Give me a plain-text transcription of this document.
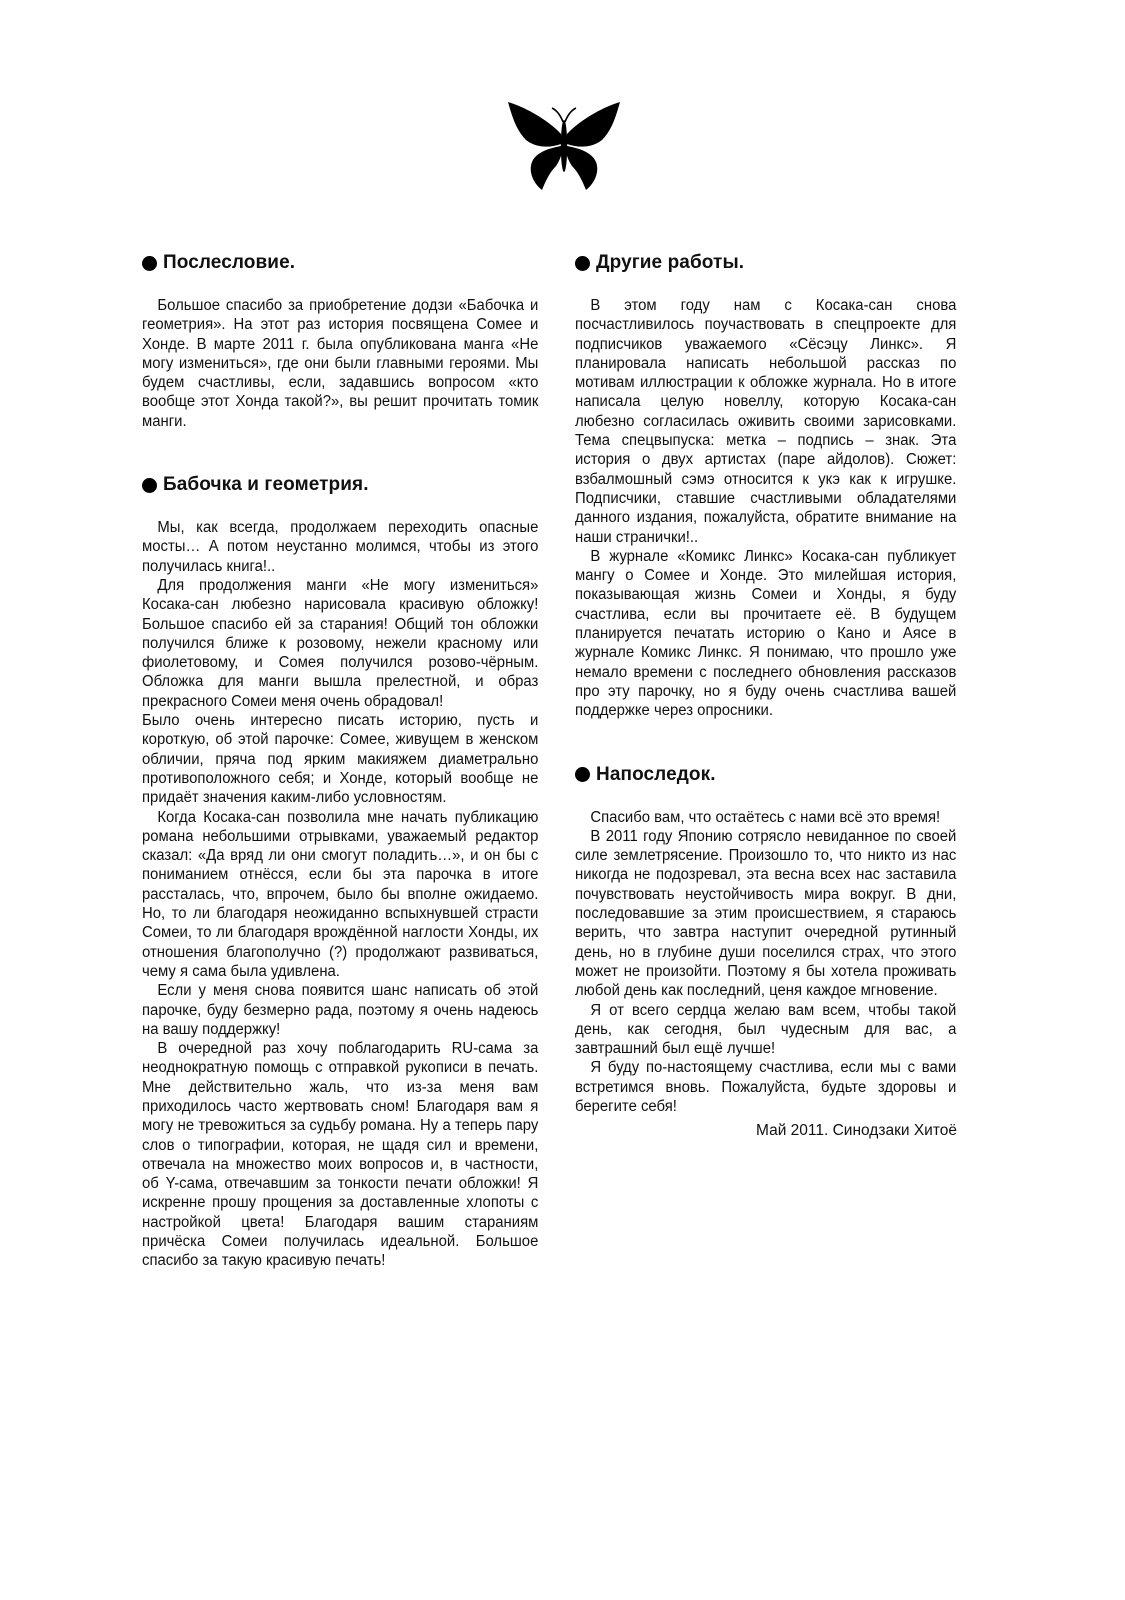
Послесловие.

Большое спасибо за приобретение додзи «Бабочка и геометрия». На этот раз история посвящена Сомее и Хонде. В марте 2011 г. была опубликована манга «Не могу измениться», где они были главными героями. Мы будем счастливы, если, задавшись вопросом «кто вообще этот Хонда такой?», вы решит прочитать томик манги.

Бабочка и геометрия.

Мы, как всегда, продолжаем переходить опасные мосты… А потом неустанно молимся, чтобы из этого получилась книга!..

Для продолжения манги «Не могу измениться» Косака-сан любезно нарисовала красивую обложку! Большое спасибо ей за старания! Общий тон обложки получился ближе к розовому, нежели красному или фиолетовому, и Сомея получился розово-чёрным. Обложка для манги вышла прелестной, и образ прекрасного Сомеи меня очень обрадовал!

Было очень интересно писать историю, пусть и короткую, об этой парочке: Сомее, живущем в женском обличии, пряча под ярким макияжем диаметрально противоположного себя; и Хонде, который вообще не придаёт значения каким-либо условностям.

Когда Косака-сан позволила мне начать публикацию романа небольшими отрывками, уважаемый редактор сказал: «Да вряд ли они смогут поладить…», и он бы с пониманием отнёсся, если бы эта парочка в итоге рассталась, что, впрочем, было бы вполне ожидаемо. Но, то ли благодаря неожиданно вспыхнувшей страсти Сомеи, то ли благодаря врождённой наглости Хонды, их отношения благополучно (?) продолжают развиваться, чему я сама была удивлена.

Если у меня снова появится шанс написать об этой парочке, буду безмерно рада, поэтому я очень надеюсь на вашу поддержку!

В очередной раз хочу поблагодарить RU-сама за неоднократную помощь с отправкой рукописи в печать. Мне действительно жаль, что из-за меня вам приходилось часто жертвовать сном! Благодаря вам я могу не тревожиться за судьбу романа. Ну а теперь пару слов о типографии, которая, не щадя сил и времени, отвечала на множество моих вопросов и, в частности, об Y-сама, отвечавшим за тонкости печати обложки! Я искренне прошу прощения за доставленные хлопоты с настройкой цвета! Благодаря вашим стараниям причёска Сомеи получилась идеальной. Большое спасибо за такую красивую печать!

Другие работы.

В этом году нам с Косака-сан снова посчастливилось поучаствовать в спецпроекте для подписчиков уважаемого «Сёсэцу Линкс». Я планировала написать небольшой рассказ по мотивам иллюстрации к обложке журнала. Но в итоге написала целую новеллу, которую Косака-сан любезно согласилась оживить своими зарисовками. Тема спецвыпуска: метка – подпись – знак. Эта история о двух артистах (паре айдолов). Сюжет: взбалмошный сэмэ относится к укэ как к игрушке. Подписчики, ставшие счастливыми обладателями данного издания, пожалуйста, обратите внимание на наши странички!..

В журнале «Комикс Линкс» Косака-сан публикует мангу о Сомее и Хонде. Это милейшая история, показывающая жизнь Сомеи и Хонды, я буду счастлива, если вы прочитаете её. В будущем планируется печатать историю о Кано и Аясе в журнале Комикс Линкс. Я понимаю, что прошло уже немало времени с последнего обновления рассказов про эту парочку, но я буду очень счастлива вашей поддержке через опросники.

Напоследок.

Спасибо вам, что остаётесь с нами всё это время!

В 2011 году Японию сотрясло невиданное по своей силе землетрясение. Произошло то, что никто из нас никогда не подозревал, эта весна всех нас заставила почувствовать неустойчивость мира вокруг. В дни, последовавшие за этим происшествием, я стараюсь верить, что завтра наступит очередной рутинный день, но в глубине души поселился страх, что этого может не произойти. Поэтому я бы хотела проживать любой день как последний, ценя каждое мгновение.

Я от всего сердца желаю вам всем, чтобы такой день, как сегодня, был чудесным для вас, а завтрашний был ещё лучше!

Я буду по-настоящему счастлива, если мы с вами встретимся вновь. Пожалуйста, будьте здоровы и берегите себя!

Май 2011. Синодзаки Хитоё
